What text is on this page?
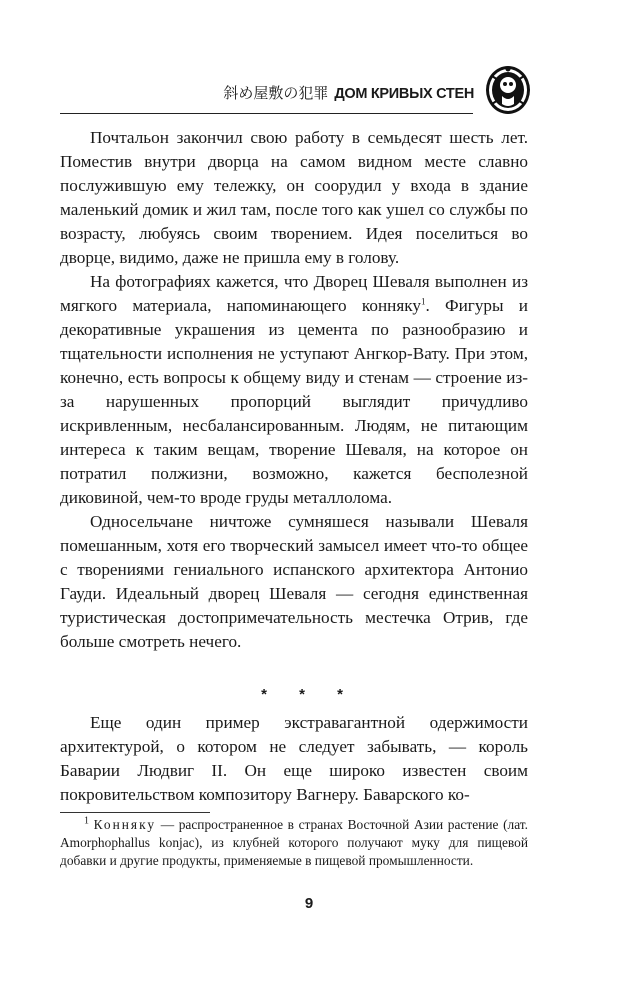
斜め屋敷の犯罪 ДОМ КРИВЫХ СТЕН

Почтальон закончил свою работу в семьдесят шесть лет. Поместив внутри дворца на самом видном месте славно послужившую ему тележку, он соорудил у входа в здание маленький домик и жил там, после того как ушел со службы по возрасту, любуясь своим творением. Идея поселиться во дворце, видимо, даже не пришла ему в голову.

На фотографиях кажется, что Дворец Шеваля выполнен из мягкого материала, напоминающего конняку$^1$. Фигуры и декоративные украшения из цемента по разнообразию и тщательности исполнения не уступают Ангкор-Вату. При этом, конечно, есть вопросы к общему виду и стенам — строение из-за нарушенных пропорций выглядит причудливо искривленным, несбалансированным. Людям, не питающим интереса к таким вещам, творение Шеваля, на которое он потратил полжизни, возможно, кажется бесполезной диковиной, чем-то вроде груды металлолома.

Односельчане ничтоже сумняшеся называли Шеваля помешанным, хотя его творческий замысел имеет что-то общее с творениями гениального испанского архитектора Антонио Гауди. Идеальный дворец Шеваля — сегодня единственная туристическая достопримечательность местечка Отрив, где больше смотреть нечего.

* * *

Еще один пример экстравагантной одержимости архитектурой, о котором не следует забывать, — король Баварии Людвиг II. Он еще широко известен своим покровительством композитору Вагнеру. Баварского ко-

$^1$ Конняку — распространенное в странах Восточной Азии растение (лат. Amorphophallus konjac), из клубней которого получают муку для пищевой добавки и другие продукты, применяемые в пищевой промышленности.
9
